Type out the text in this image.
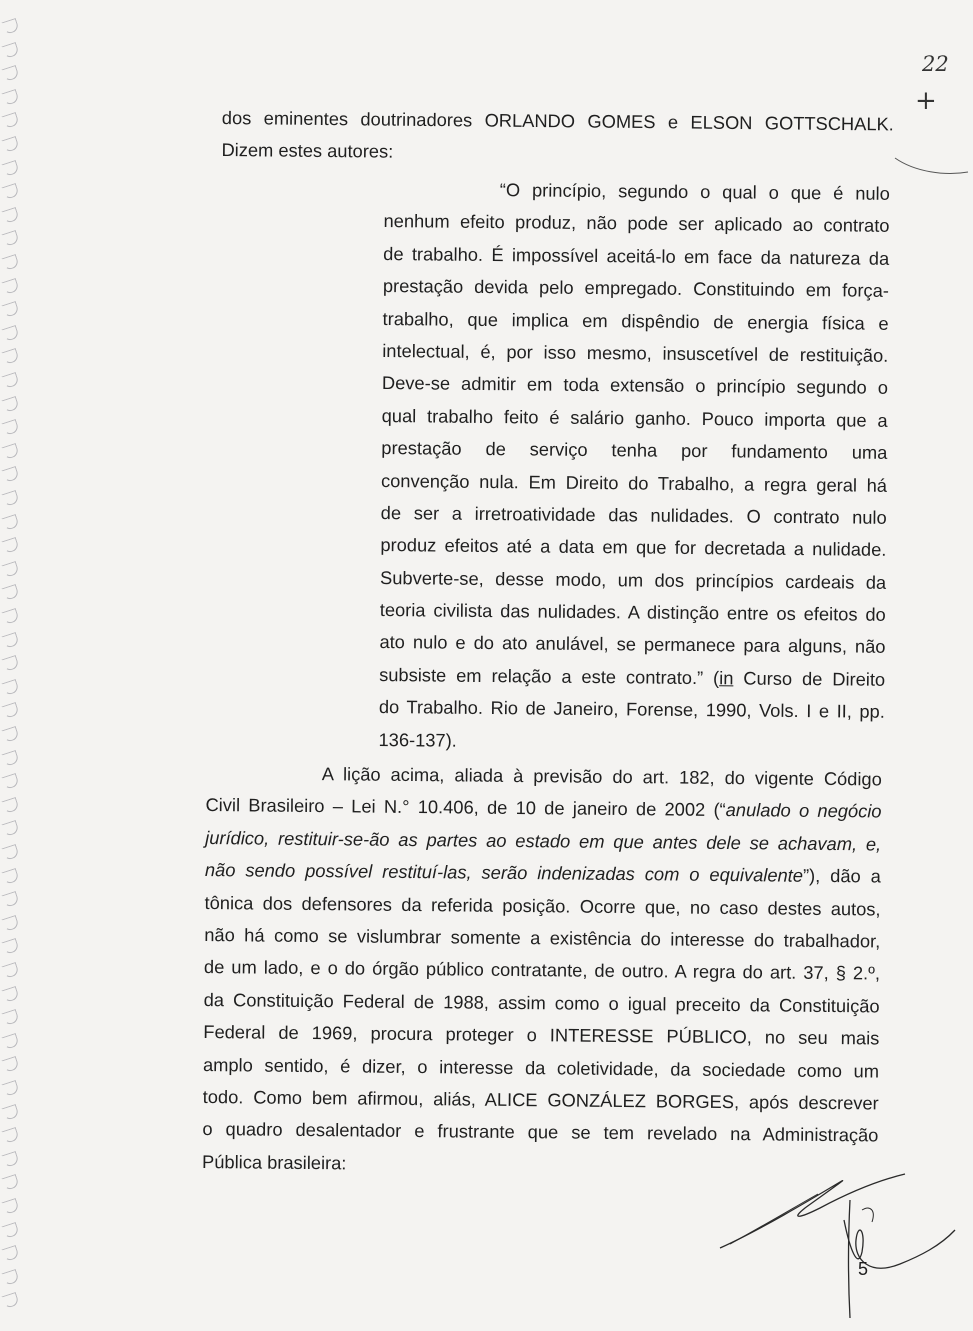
22
+
dos eminentes doutrinadores ORLANDO GOMES e ELSON GOTTSCHALK.
Dizem estes autores:
“O princípio, segundo o qual o que é nulo
nenhum efeito produz, não pode ser aplicado ao contrato
de trabalho. É impossível aceitá-lo em face da natureza da
prestação devida pelo empregado. Constituindo em força-
trabalho, que implica em dispêndio de energia física e
intelectual, é, por isso mesmo, insuscetível de restituição.
Deve-se admitir em toda extensão o princípio segundo o
qual trabalho feito é salário ganho. Pouco importa que a
prestação de serviço tenha por fundamento uma
convenção nula. Em Direito do Trabalho, a regra geral há
de ser a irretroatividade das nulidades. O contrato nulo
produz efeitos até a data em que for decretada a nulidade.
Subverte-se, desse modo, um dos princípios cardeais da
teoria civilista das nulidades. A distinção entre os efeitos do
ato nulo e do ato anulável, se permanece para alguns, não
subsiste em relação a este contrato.” (in Curso de Direito
do Trabalho. Rio de Janeiro, Forense, 1990, Vols. I e II, pp.
136-137).
A lição acima, aliada à previsão do art. 182, do vigente Código
Civil Brasileiro – Lei N.° 10.406, de 10 de janeiro de 2002 (“anulado o negócio
jurídico, restituir-se-ão as partes ao estado em que antes dele se achavam, e,
não sendo possível restituí-las, serão indenizadas com o equivalente”), dão a
tônica dos defensores da referida posição. Ocorre que, no caso destes autos,
não há como se vislumbrar somente a existência do interesse do trabalhador,
de um lado, e o do órgão público contratante, de outro. A regra do art. 37, § 2.º,
da Constituição Federal de 1988, assim como o igual preceito da Constituição
Federal de 1969, procura proteger o INTERESSE PÚBLICO, no seu mais
amplo sentido, é dizer, o interesse da coletividade, da sociedade como um
todo. Como bem afirmou, aliás, ALICE GONZÁLEZ BORGES, após descrever
o quadro desalentador e frustrante que se tem revelado na Administração
Pública brasileira:
5
